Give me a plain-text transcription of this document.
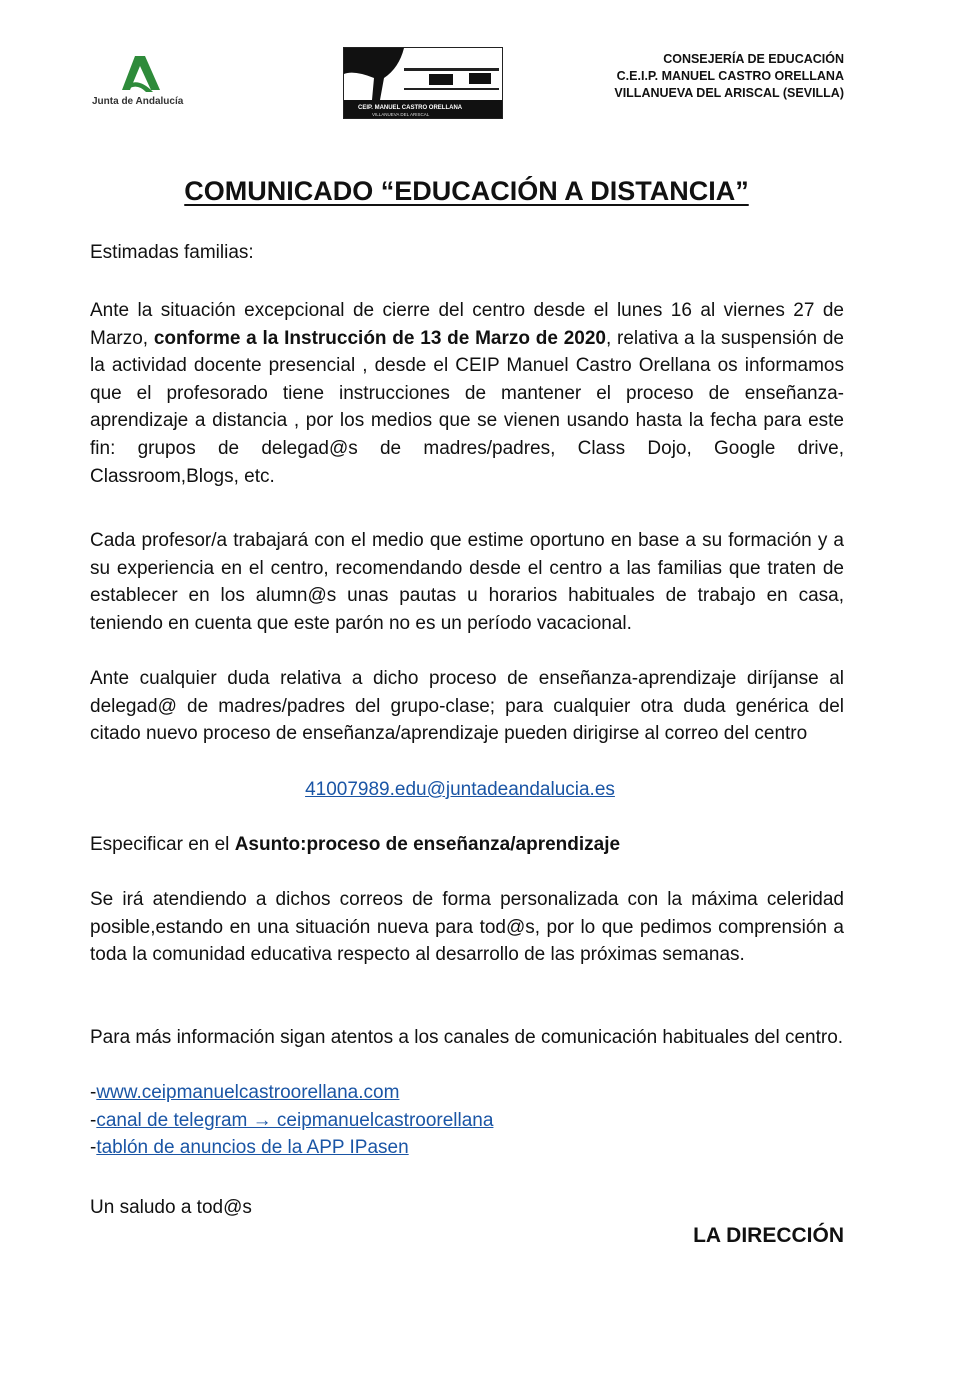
Junta de Andalucía
CEIP. MANUEL CASTRO ORELLANA
VILLANUEVA DEL ARISCAL
CONSEJERÍA DE EDUCACIÓN
C.E.I.P. MANUEL CASTRO ORELLANA
VILLANUEVA DEL ARISCAL (SEVILLA)
COMUNICADO “EDUCACIÓN A DISTANCIA”
Estimadas familias:
Ante la situación excepcional de cierre del centro desde el lunes 16 al viernes 27 de Marzo, conforme a la Instrucción de 13 de Marzo de 2020, relativa a la suspensión de la actividad docente presencial , desde el CEIP Manuel Castro Orellana os informamos que el profesorado tiene instrucciones de mantener el proceso de enseñanza-aprendizaje a distancia , por los medios que se vienen usando hasta la fecha para este fin: grupos de delegad@s de madres/padres, Class Dojo, Google drive, Classroom,Blogs, etc.
Cada profesor/a trabajará con el medio que estime oportuno en base a su formación y a su experiencia en el centro, recomendando desde el centro a las familias que traten de establecer en los alumn@s unas pautas u horarios habituales de trabajo en casa, teniendo en cuenta que este parón no es un período vacacional.
Ante cualquier duda relativa a dicho proceso de enseñanza-aprendizaje diríjanse al delegad@ de madres/padres del grupo-clase; para cualquier otra duda genérica del citado nuevo proceso de enseñanza/aprendizaje pueden dirigirse al correo del centro
41007989.edu@juntadeandalucia.es
Especificar en el Asunto:proceso de enseñanza/aprendizaje
Se irá atendiendo a dichos correos de forma personalizada con la máxima celeridad posible,estando en una situación nueva para tod@s, por lo que pedimos comprensión a toda la comunidad educativa respecto al desarrollo de las próximas semanas.
Para más información sigan atentos a los canales de comunicación habituales del centro.
-www.ceipmanuelcastroorellana.com
-canal de telegram → ceipmanuelcastroorellana
-tablón de anuncios de la APP IPasen
Un saludo a tod@s
LA DIRECCIÓN
